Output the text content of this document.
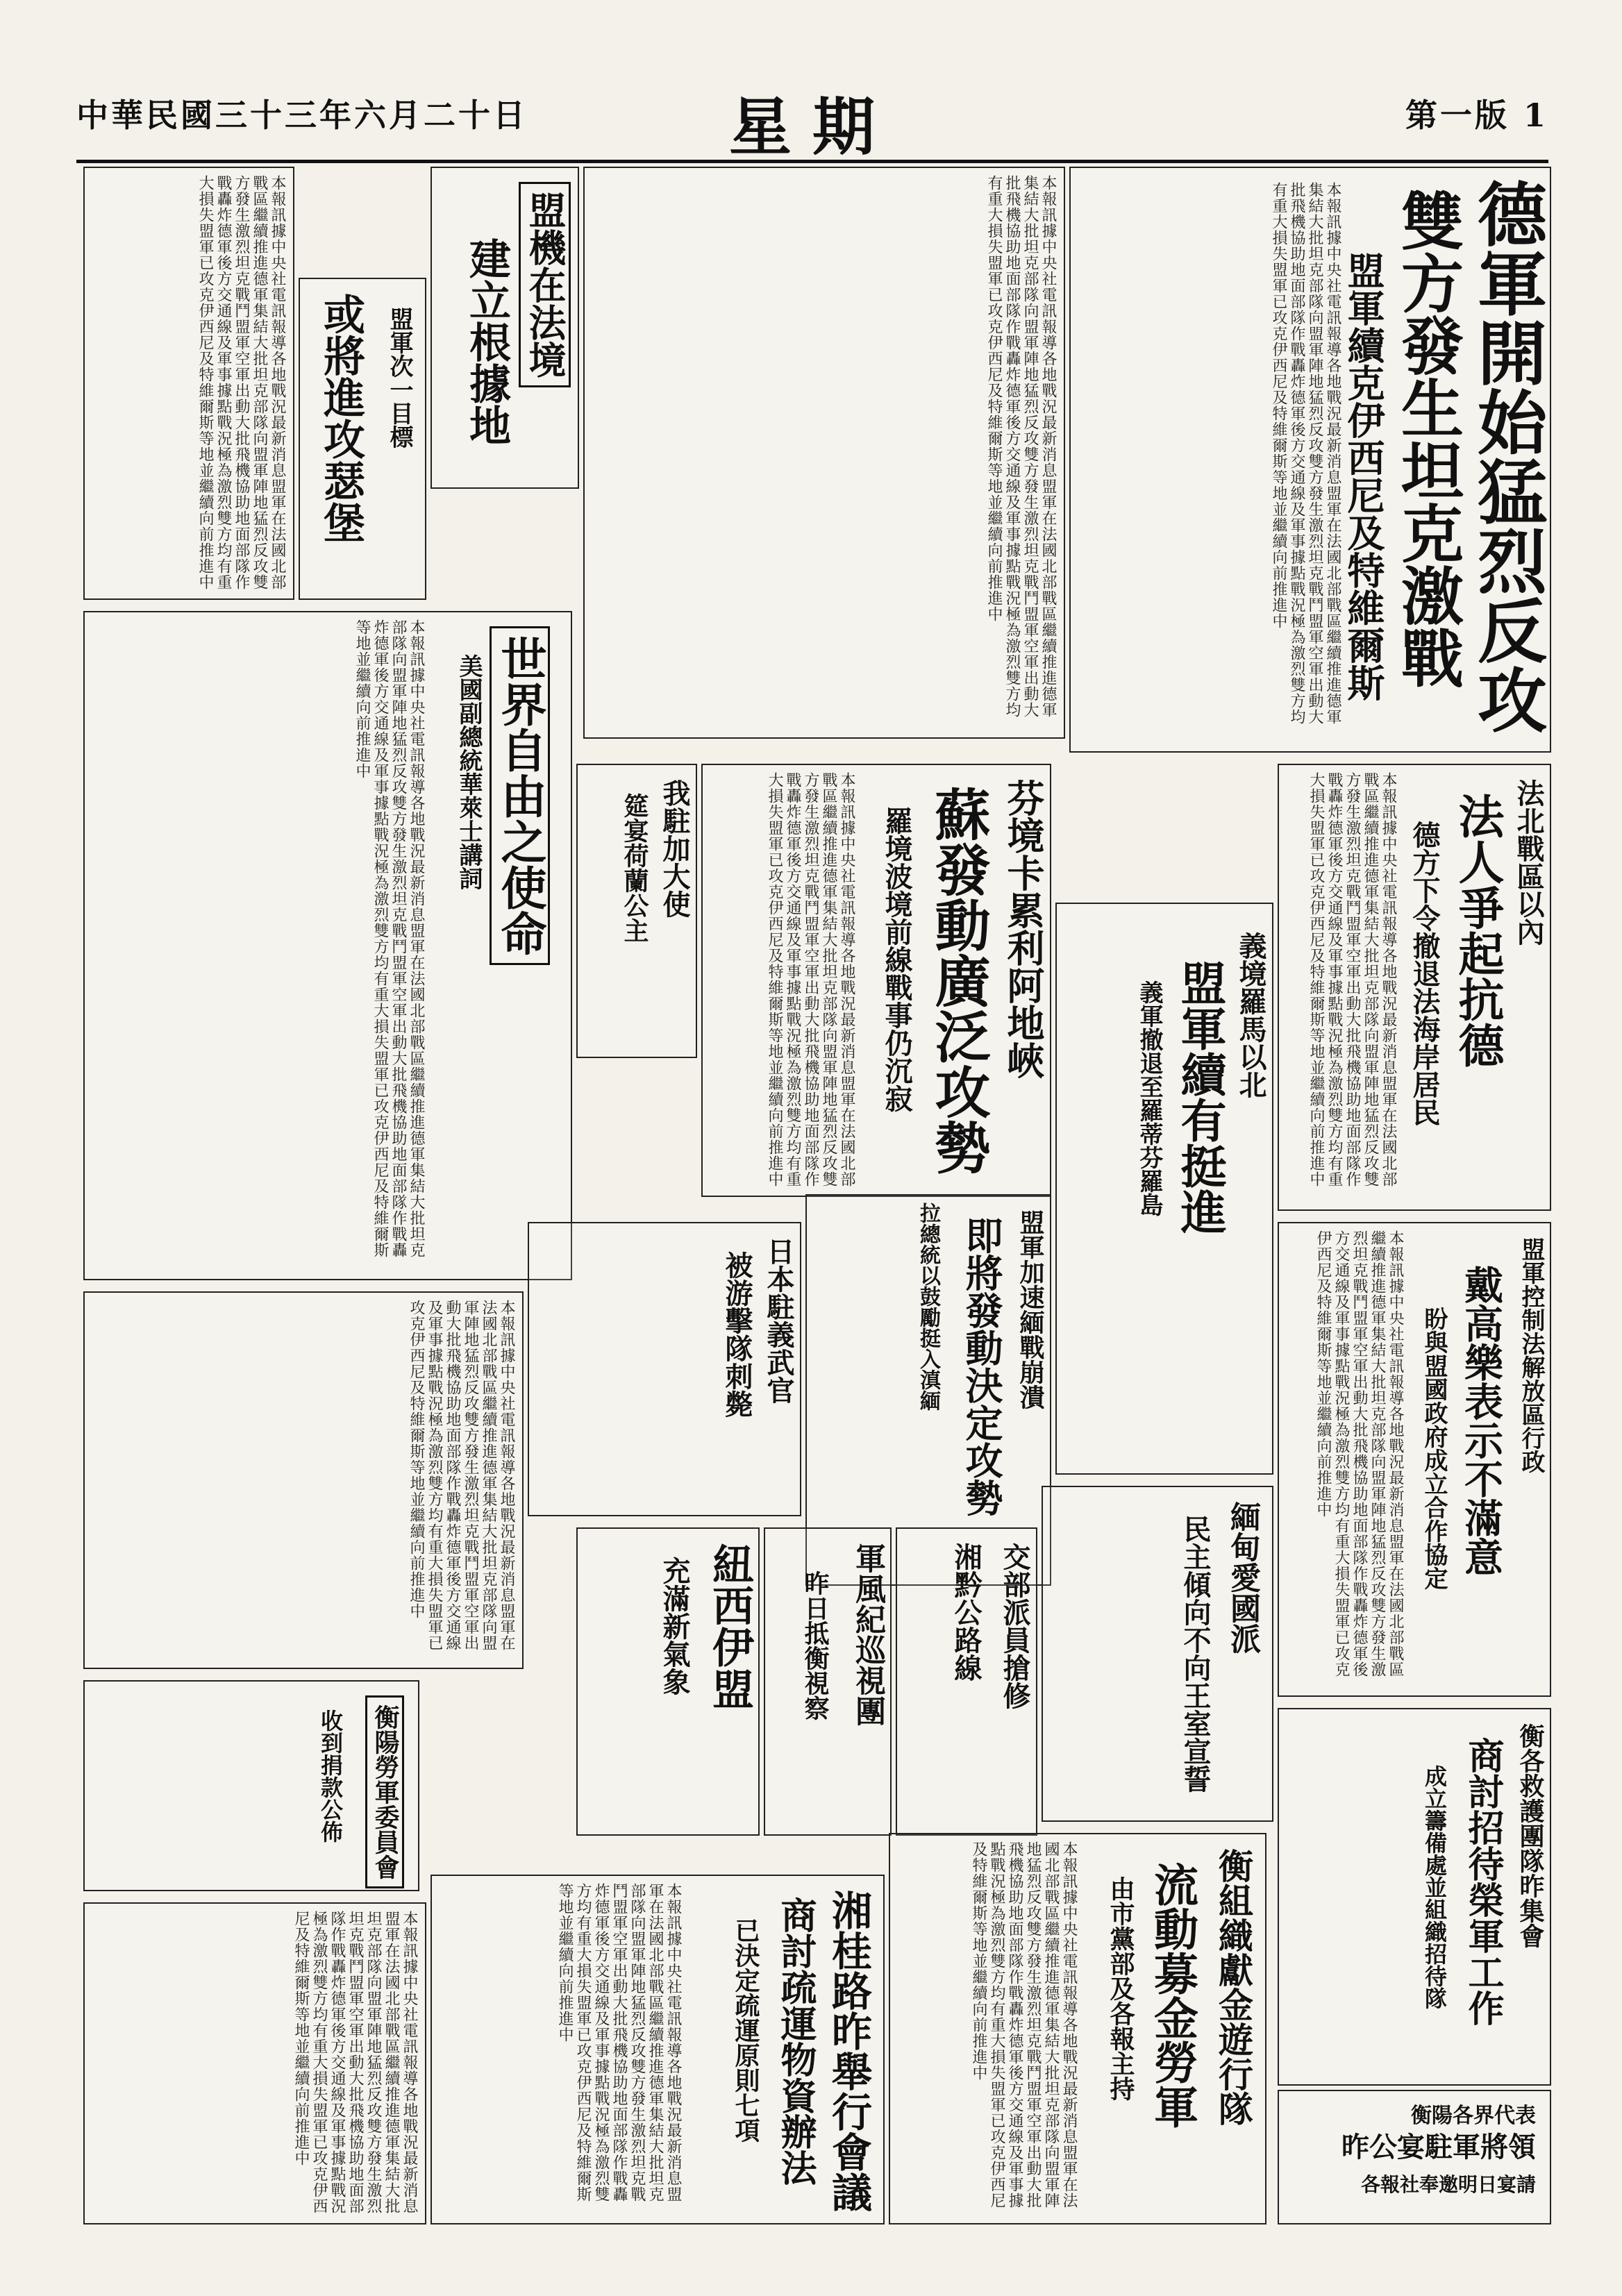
中華民國三十三年六月二十日	星期	第一版 1
德軍開始猛烈反攻
雙方發生坦克激戰
盟軍續克伊西尼及特維爾斯
本報訊據中央社電訊報導各地戰況最新消息盟軍在法國北部戰區繼續推進德軍集結大批坦克部隊向盟軍陣地猛烈反攻雙方發生激烈坦克戰鬥盟軍空軍出動大批飛機協助地面部隊作戰轟炸德軍後方交通線及軍事據點戰況極為激烈雙方均有重大損失盟軍已攻克伊西尼及特維爾斯等地並繼續向前推進中
本報訊據中央社電訊報導各地戰況最新消息盟軍在法國北部戰區繼續推進德軍集結大批坦克部隊向盟軍陣地猛烈反攻雙方發生激烈坦克戰鬥盟軍空軍出動大批飛機協助地面部隊作戰轟炸德軍後方交通線及軍事據點戰況極為激烈雙方均有重大損失盟軍已攻克伊西尼及特維爾斯等地並繼續向前推進中
盟機在法境
建立根據地
或將進攻瑟堡 盟軍次一目標
本報訊據中央社電訊報導各地戰況最新消息盟軍在法國北部戰區繼續推進德軍集結大批坦克部隊向盟軍陣地猛烈反攻雙方發生激烈坦克戰鬥盟軍空軍出動大批飛機協助地面部隊作戰轟炸德軍後方交通線及軍事據點戰況極為激烈雙方均有重大損失盟軍已攻克伊西尼及特維爾斯等地並繼續向前推進中
世界自由之使命
美國副總統華萊士講詞
本報訊據中央社電訊報導各地戰況最新消息盟軍在法國北部戰區繼續推進德軍集結大批坦克部隊向盟軍陣地猛烈反攻雙方發生激烈坦克戰鬥盟軍空軍出動大批飛機協助地面部隊作戰轟炸德軍後方交通線及軍事據點戰況極為激烈雙方均有重大損失盟軍已攻克伊西尼及特維爾斯等地並繼續向前推進中
法北戰區以內
法人爭起抗德
德方下令撤退法海岸居民
本報訊據中央社電訊報導各地戰況最新消息盟軍在法國北部戰區繼續推進德軍集結大批坦克部隊向盟軍陣地猛烈反攻雙方發生激烈坦克戰鬥盟軍空軍出動大批飛機協助地面部隊作戰轟炸德軍後方交通線及軍事據點戰況極為激烈雙方均有重大損失盟軍已攻克伊西尼及特維爾斯等地並繼續向前推進中
義境羅馬以北
盟軍續有挺進
義軍撤退至羅蒂芬羅島
芬境卡累利阿地峽
蘇發動廣泛攻勢
羅境波境前線戰事仍沉寂
本報訊據中央社電訊報導各地戰況最新消息盟軍在法國北部戰區繼續推進德軍集結大批坦克部隊向盟軍陣地猛烈反攻雙方發生激烈坦克戰鬥盟軍空軍出動大批飛機協助地面部隊作戰轟炸德軍後方交通線及軍事據點戰況極為激烈雙方均有重大損失盟軍已攻克伊西尼及特維爾斯等地並繼續向前推進中
我駐加大使
筵宴荷蘭公主
盟軍加速緬戰崩潰
即將發動決定攻勢
拉總統以鼓勵挺入滇緬	盟軍控制法解放區行政
戴高樂表示不滿意
盼與盟國政府成立合作協定
本報訊據中央社電訊報導各地戰況最新消息盟軍在法國北部戰區繼續推進德軍集結大批坦克部隊向盟軍陣地猛烈反攻雙方發生激烈坦克戰鬥盟軍空軍出動大批飛機協助地面部隊作戰轟炸德軍後方交通線及軍事據點戰況極為激烈雙方均有重大損失盟軍已攻克伊西尼及特維爾斯等地並繼續向前推進中
緬甸愛國派
民主傾向不向王室宣誓
日本駐義武官
被游擊隊刺斃
軍風紀巡視團
昨日抵衡視察
紐西伊盟
充滿新氣象	交部派員搶修
湘黔公路線
本報訊據中央社電訊報導各地戰況最新消息盟軍在法國北部戰區繼續推進德軍集結大批坦克部隊向盟軍陣地猛烈反攻雙方發生激烈坦克戰鬥盟軍空軍出動大批飛機協助地面部隊作戰轟炸德軍後方交通線及軍事據點戰況極為激烈雙方均有重大損失盟軍已攻克伊西尼及特維爾斯等地並繼續向前推進中
衡各救護團隊昨集會
商討招待榮軍工作
成立籌備處並組織招待隊
衡組織獻金遊行隊
流動募金勞軍
由市黨部及各報主持
本報訊據中央社電訊報導各地戰況最新消息盟軍在法國北部戰區繼續推進德軍集結大批坦克部隊向盟軍陣地猛烈反攻雙方發生激烈坦克戰鬥盟軍空軍出動大批飛機協助地面部隊作戰轟炸德軍後方交通線及軍事據點戰況極為激烈雙方均有重大損失盟軍已攻克伊西尼及特維爾斯等地並繼續向前推進中
湘桂路昨舉行會議
商討疏運物資辦法
已決定疏運原則七項
本報訊據中央社電訊報導各地戰況最新消息盟軍在法國北部戰區繼續推進德軍集結大批坦克部隊向盟軍陣地猛烈反攻雙方發生激烈坦克戰鬥盟軍空軍出動大批飛機協助地面部隊作戰轟炸德軍後方交通線及軍事據點戰況極為激烈雙方均有重大損失盟軍已攻克伊西尼及特維爾斯等地並繼續向前推進中
衡陽各界代表
昨公宴駐軍將領
各報社奉邀明日宴請
衡陽勞軍委員會
收到捐款公佈
本報訊據中央社電訊報導各地戰況最新消息盟軍在法國北部戰區繼續推進德軍集結大批坦克部隊向盟軍陣地猛烈反攻雙方發生激烈坦克戰鬥盟軍空軍出動大批飛機協助地面部隊作戰轟炸德軍後方交通線及軍事據點戰況極為激烈雙方均有重大損失盟軍已攻克伊西尼及特維爾斯等地並繼續向前推進中
